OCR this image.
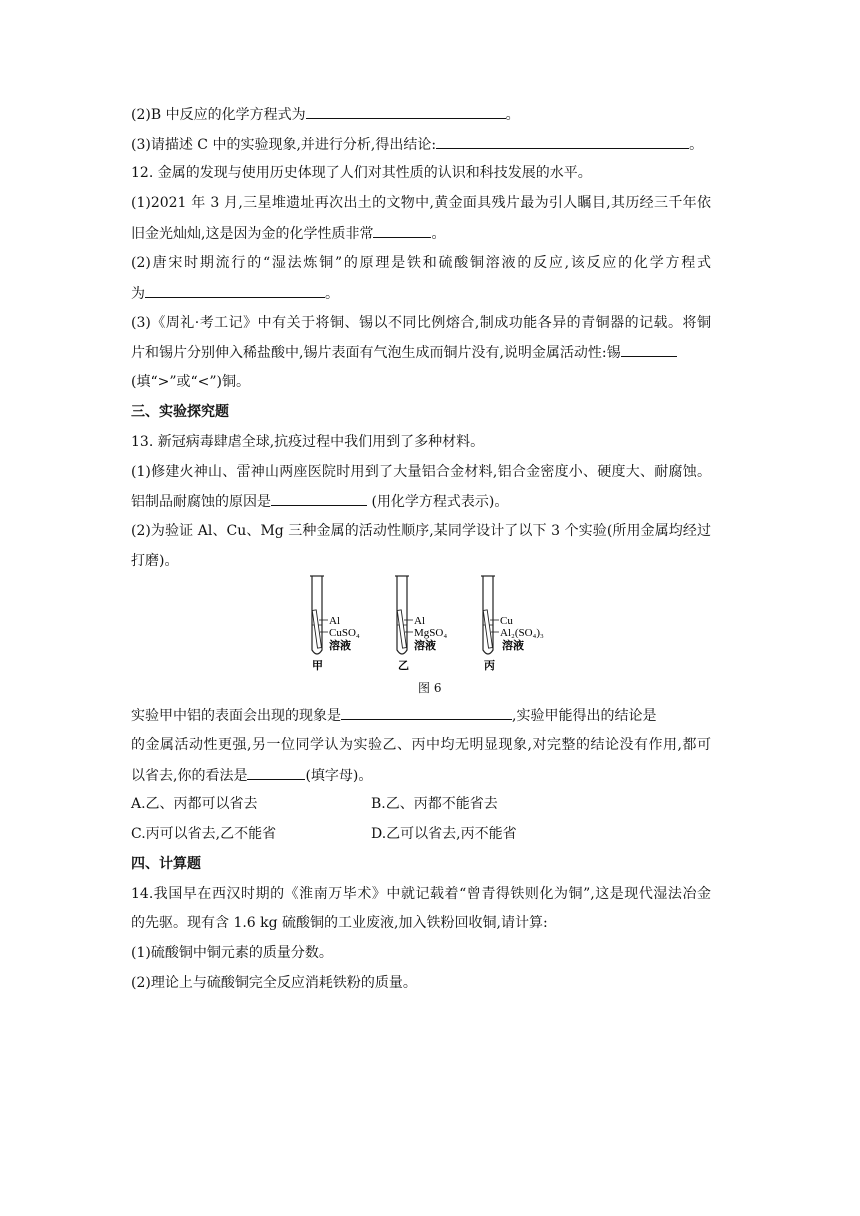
(2)B 中反应的化学方程式为	。
(3)请描述 C 中的实验现象,并进行分析,得出结论:	。
12. 金属的发现与使用历史体现了人们对其性质的认识和科技发展的水平。
(1)2021 年 3 月,三星堆遗址再次出土的文物中,黄金面具残片最为引人瞩目,其历经三千年依
旧金光灿灿,这是因为金的化学性质非常	。
(2)唐宋时期流行的“湿法炼铜”的原理是铁和硫酸铜溶液的反应,该反应的化学方程式
为	。
(3)《周礼·考工记》中有关于将铜、锡以不同比例熔合,制成功能各异的青铜器的记载。将铜
片和锡片分别伸入稀盐酸中,锡片表面有气泡生成而铜片没有,说明金属活动性:锡
(填“>”或“<”)铜。
三、实验探究题
13. 新冠病毒肆虐全球,抗疫过程中我们用到了多种材料。
(1)修建火神山、雷神山两座医院时用到了大量铝合金材料,铝合金密度小、硬度大、耐腐蚀。
铝制品耐腐蚀的原因是	(用化学方程式表示)。
(2)为验证 Al、Cu、Mg 三种金属的活动性顺序,某同学设计了以下 3 个实验(所用金属均经过
打磨)。
Al
CuSO₄
溶液
甲
Al
MgSO₄
溶液
乙
Cu
Al₂(SO₄)₃
溶液
丙
图 6
实验甲中铝的表面会出现的现象是	,实验甲能得出的结论是
的金属活动性更强,另一位同学认为实验乙、丙中均无明显现象,对完整的结论没有作用,都可
以省去,你的看法是	(填字母)。
A.乙、丙都可以省去	B.乙、丙都不能省去
C.丙可以省去,乙不能省	D.乙可以省去,丙不能省
四、计算题
14.我国早在西汉时期的《淮南万毕术》中就记载着“曾青得铁则化为铜”,这是现代湿法冶金
的先驱。现有含 1.6 kg 硫酸铜的工业废液,加入铁粉回收铜,请计算:
(1)硫酸铜中铜元素的质量分数。
(2)理论上与硫酸铜完全反应消耗铁粉的质量。
